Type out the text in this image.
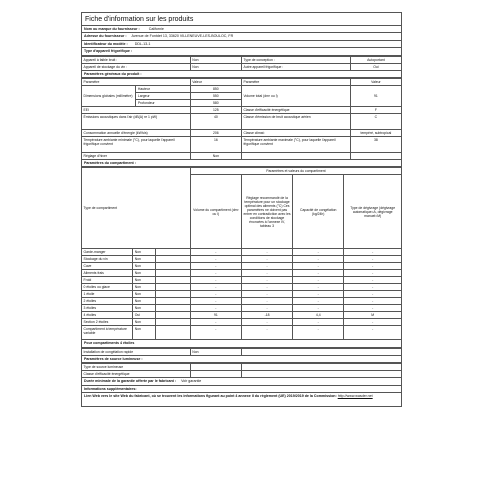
Fiche d'information sur les produits
Nom ou marque du fournisseur :	Californie
Adresse du fournisseur : Avenue de Fontdet 13, 33620 VILLENEUVE-LES-BOULOC, FR
Identificateur du modèle : DDL-13-1
Type d'appareil frigorifique :
Appareil à faible bruit :	Non	Type de conception :	Autoportant
Appareil de stockage du vin :	Non	Autre appareil frigorifique :	Oui
Paramètres généraux du produit :
Paramètre		Valeur	Paramètre	Valeur
Dimensions globales (millimètre)	Hauteur	850	Volume total (dm³ ou l)	91
	Largeur	550		
	Profondeur	580		
EEI		125	Classe d'efficacité énergétique	F
Émissions acoustiques dans l'air (dB(A) re 1 pW)		40	Classe d'émission de bruit acoustique aérien	C
Consommation annuelle d'énergie (kWh/a)		206	Classe climat:	tempéré, subtropical
Température ambiante minimale (°C), pour laquelle l'appareil frigorifique convient		16	Température ambiante maximale (°C), pour laquelle l'appareil frigorifique convient	38
Réglage d'hiver		Non		
Paramètres du compartiment :
Type de compartiment			Paramètres et valeurs du compartiment			
			Volume du compartiment (dm³ ou l)	Réglage recommandé de la température pour un stockage optimal des aliments (°C) Ces paramètres ne doivent pas entrer en contradiction avec les conditions de stockage énoncées à l'annexe IV, tableau 3	Capacité de congélation (kg/24h)	Type de dégivrage (dégivrage automatique=A, dégivrage manuel=M)
Garde-manger	Non		-	-	-	-
Stockage du vin	Non		-	-	-	-
Cave	Non		-	-	-	-
Aliments frais	Non		-	-	-	-
Froid	Non		-	-	-	-
0 étoiles ou glace	Non		-	-	-	-
1 étoile	Non		-	-	-	-
2 étoiles	Non		-	-	-	-
3 étoiles	Non		-	-	-	-
4 étoiles	Oui		91	-18	4,4	M
Section 2 étoiles	Non		-	-	-	-
Compartiment à température variable	Non		-	-	-	-
Pour compartiments 4 étoiles
Installation de congélation rapide	Non	
Paramètres de source lumineuse :
Type de source lumineuse		
Classe d'efficacité énergétique		
Durée minimale de la garantie offerte par le fabricant : Voir garantie
Informations supplémentaires:
Lien Web vers le site Web du fabricant, où se trouvent les informations figurant au point 4 annexe II du règlement (UE) 2019/2019 de la Commission: http://www.wasder.net
